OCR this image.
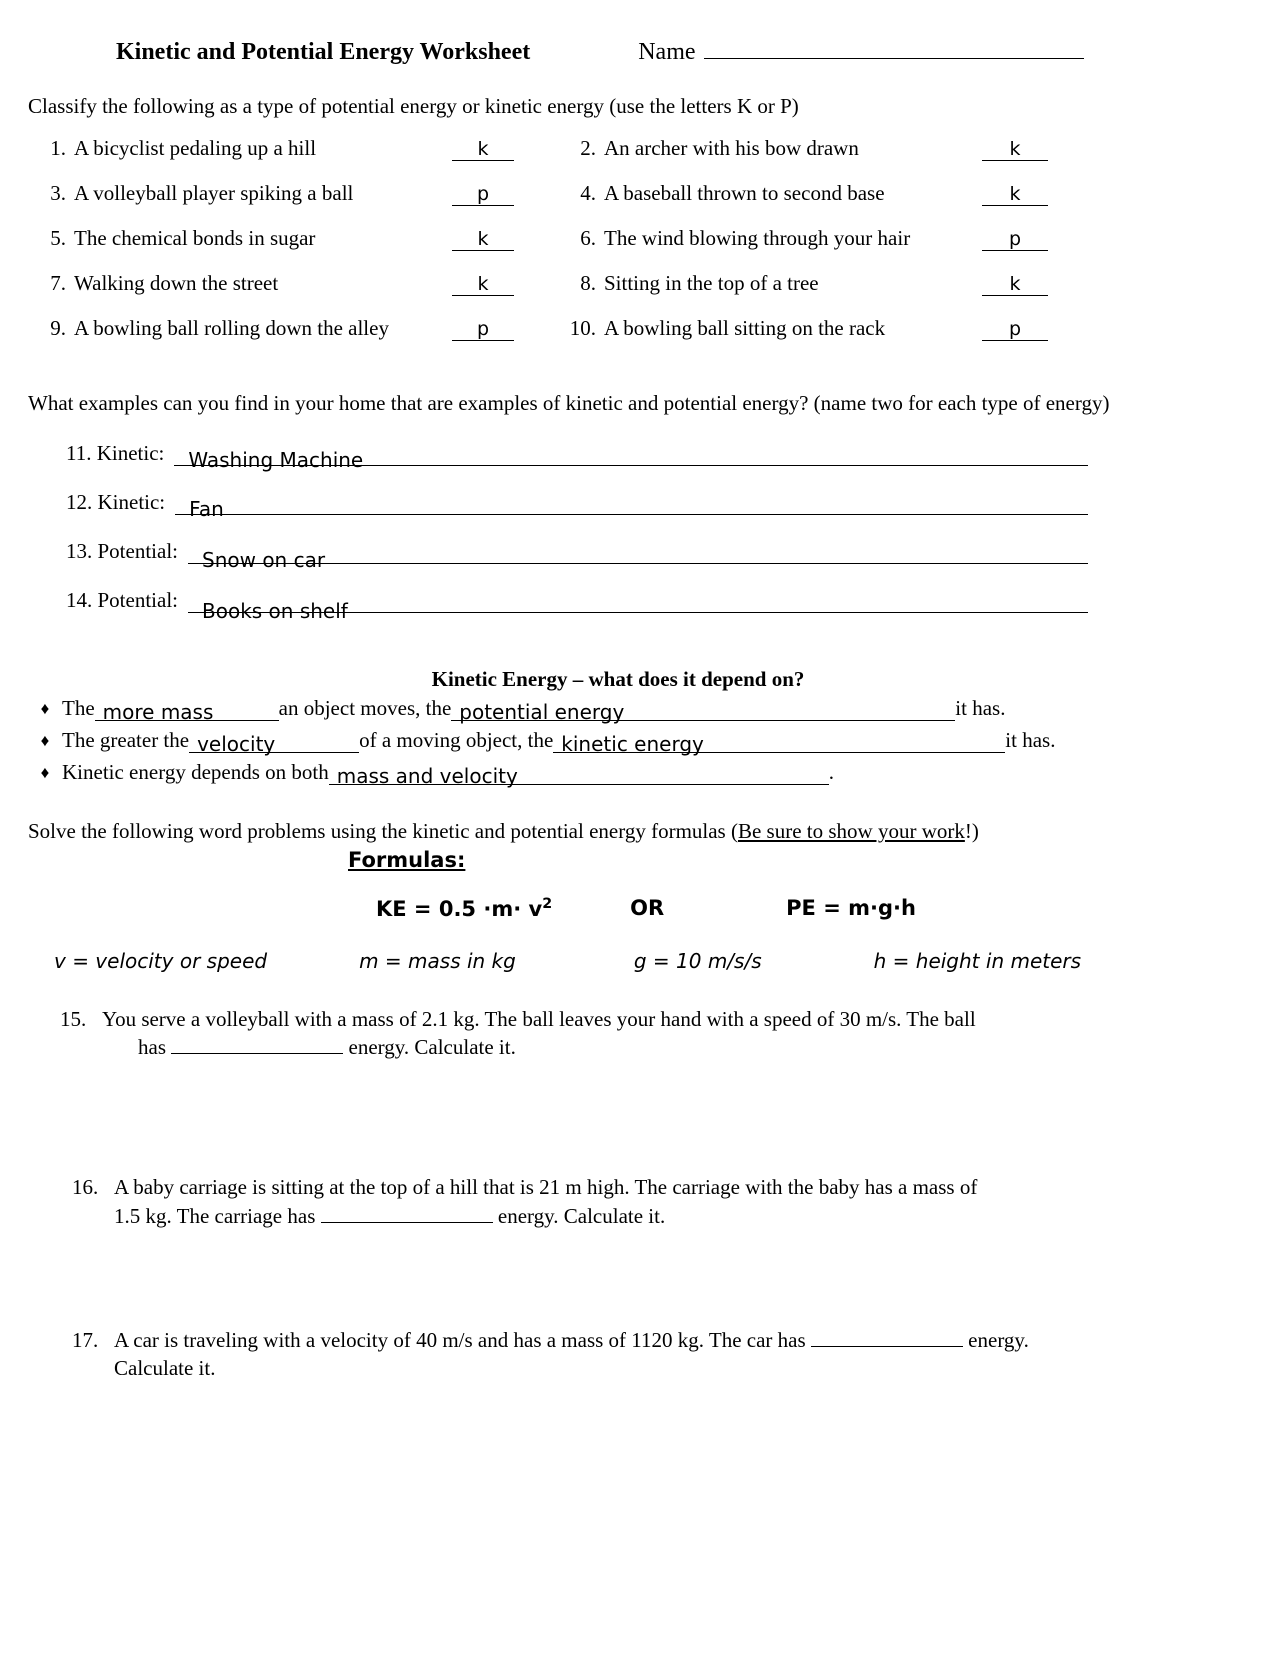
Kinetic and Potential Energy Worksheet	Name
Classify the following as a type of potential energy or kinetic energy (use the letters K or P)
1. A bicyclist pedaling up a hill	k	2. An archer with his bow drawn	k
3. A volleyball player spiking a ball	p	4. A baseball thrown to second base	k
5. The chemical bonds in sugar	k	6. The wind blowing through your hair	p
7. Walking down the street	k	8. Sitting in the top of a tree	k
9. A bowling ball rolling down the alley	p	10. A bowling ball sitting on the rack	p
What examples can you find in your home that are examples of kinetic and potential energy? (name two for each type of energy)
11. Kinetic: Washing Machine
12. Kinetic: Fan
13. Potential: Snow on car
14. Potential: Books on shelf
Kinetic Energy – what does it depend on?
♦ The more mass	an object moves, the potential energy	it has.
♦ The greater the velocity	of a moving object, the kinetic energy	it has.
♦ Kinetic energy depends on both mass and velocity	.
Solve the following word problems using the kinetic and potential energy formulas (Be sure to show your work!)
Formulas:
KE = $0.5 \cdot m\cdot v^2$	OR	PE = m·g·h
v = velocity or speed	m = mass in kg	g = 10 m/s/s	h = height in meters
15. You serve a volleyball with a mass of 2.1 kg. The ball leaves your hand with a speed of 30 m/s. The ball
has	energy. Calculate it.
16. A baby carriage is sitting at the top of a hill that is 21 m high. The carriage with the baby has a mass of
1.5 kg. The carriage has	energy. Calculate it.
17. A car is traveling with a velocity of 40 m/s and has a mass of 1120 kg. The car has	energy.
Calculate it.
